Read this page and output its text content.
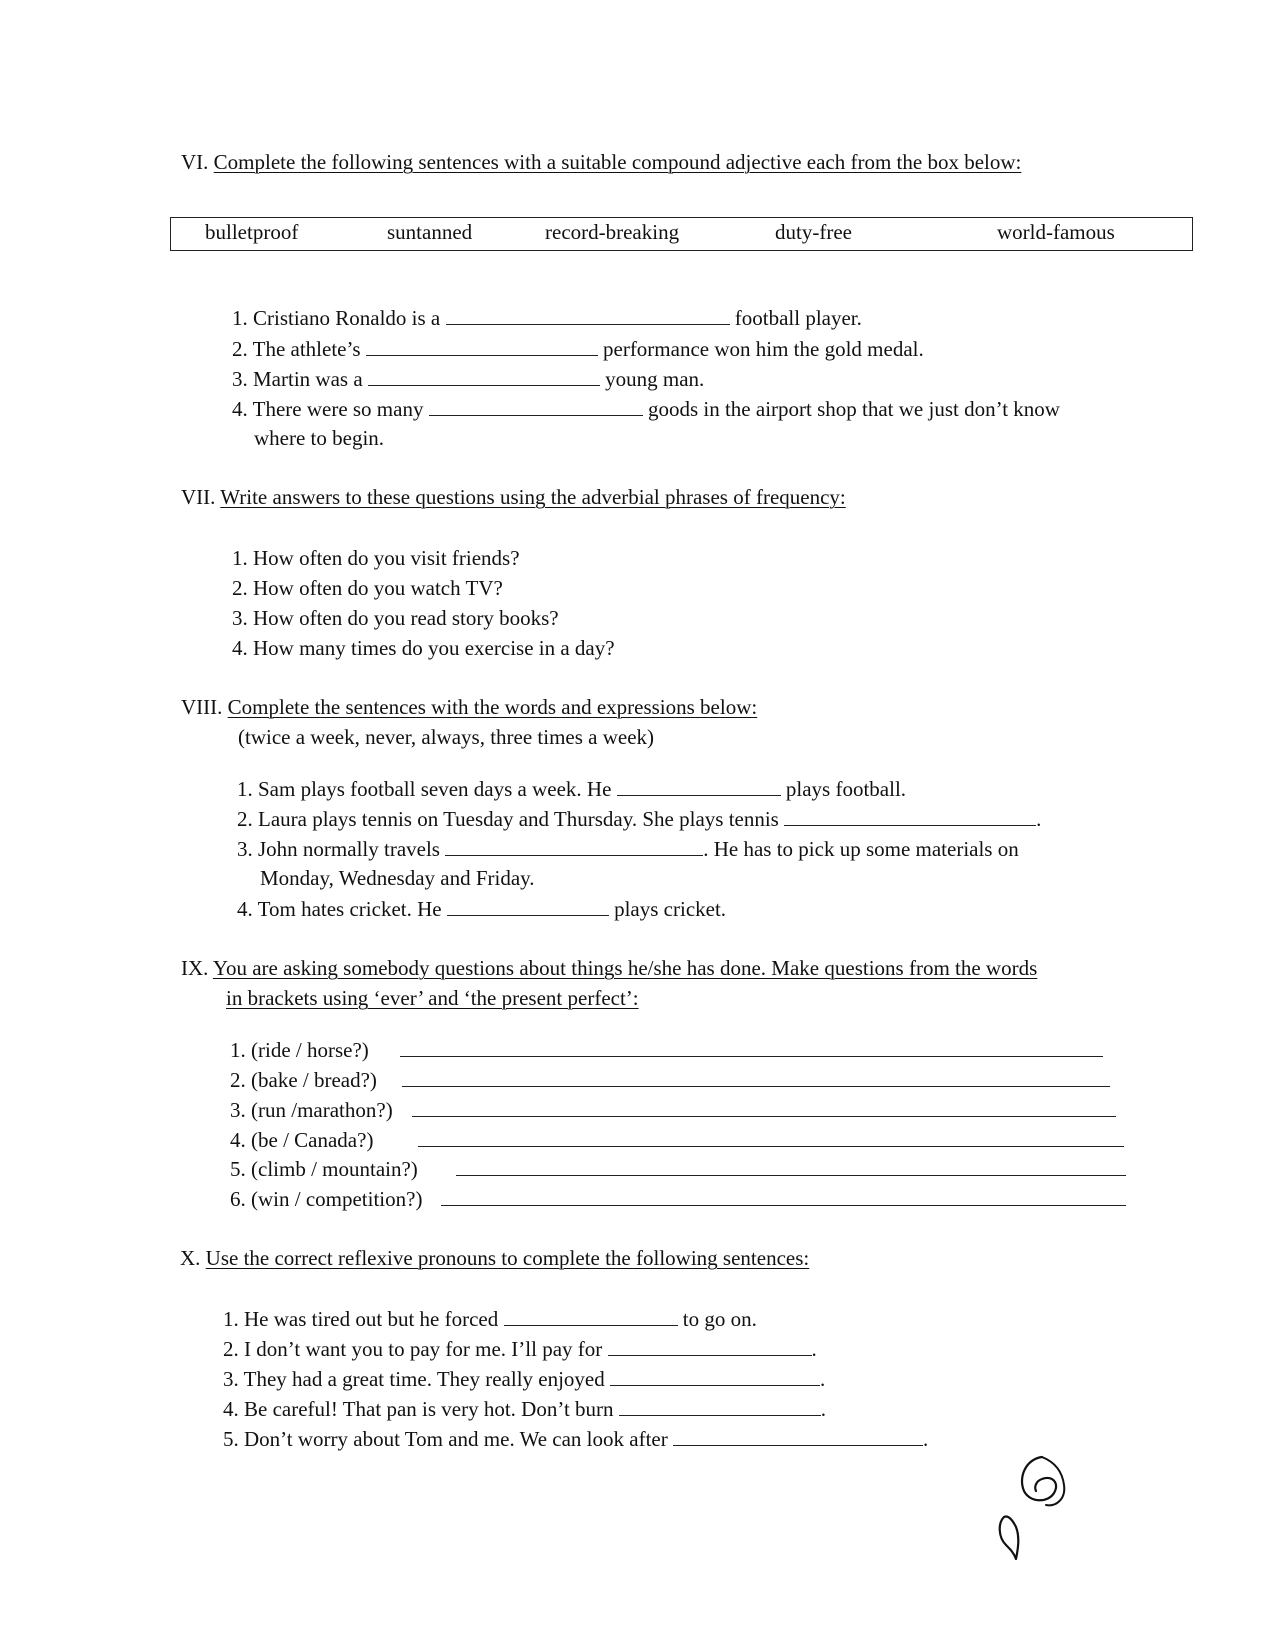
VI. Complete the following sentences with a suitable compound adjective each from the box below:
bulletproof	suntanned	record-breaking	duty-free	world-famous
1. Cristiano Ronaldo is a	football player.
2. The athlete’s	performance won him the gold medal.
3. Martin was a	young man.
4. There were so many	goods in the airport shop that we just don’t know
where to begin.
VII. Write answers to these questions using the adverbial phrases of frequency:
1. How often do you visit friends?
2. How often do you watch TV?
3. How often do you read story books?
4. How many times do you exercise in a day?
VIII. Complete the sentences with the words and expressions below:
(twice a week, never, always, three times a week)
1. Sam plays football seven days a week. He	plays football.
2. Laura plays tennis on Tuesday and Thursday. She plays tennis	.
3. John normally travels	. He has to pick up some materials on
Monday, Wednesday and Friday.
4. Tom hates cricket. He	plays cricket.
IX. You are asking somebody questions about things he/she has done. Make questions from the words
in brackets using ‘ever’ and ‘the present perfect’:
1. (ride / horse?)
2. (bake / bread?)
3. (run /marathon?)
4. (be / Canada?)
5. (climb / mountain?)
6. (win / competition?)
X. Use the correct reflexive pronouns to complete the following sentences:
1. He was tired out but he forced	to go on.
2. I don’t want you to pay for me. I’ll pay for	.
3. They had a great time. They really enjoyed	.
4. Be careful! That pan is very hot. Don’t burn	.
5. Don’t worry about Tom and me. We can look after	.
